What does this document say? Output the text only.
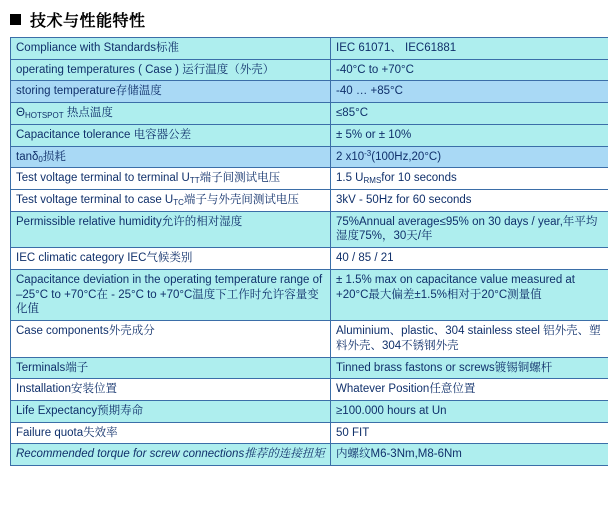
技术与性能特性
Compliance with Standards标准	IEC 61071、 IEC61881
operating temperatures ( Case ) 运行温度（外壳）	-40°C to +70°C
storing temperature存储温度	-40 … +85°C
$\Theta_{HOTSPOT}$ 热点温度	≤85°C
Capacitance tolerance 电容器公差	± 5% or ± 10%
tanδ$_0$损耗	2 $x10^{-3}(100Hz,20^\circ C)$
Test voltage terminal to terminal $U_{TT}$端子间测试电压	1.5 $U_{RMS}for$ 10 seconds
Test voltage terminal to case $U_{TC}$端子与外壳间测试电压	3kV - 50Hz for 60 seconds
Permissible relative humidity允许的相对湿度	75%Annual average≤95% on 30 days / year,年平均湿度75%，30天/年
IEC climatic category IEC气候类别	40 / 85 / 21
Capacitance deviation in the operating temperature range of –25°C to +70°C在 - 25°C to +70°C温度下工作时允许容量变化值	± 1.5% max on capacitance value measured at +20°C最大偏差±1.5%相对于20°C测量值
Case components外壳成分	Aluminium、plastic、304 stainless steel 铝外壳、塑料外壳、304不锈钢外壳
Terminals端子	Tinned brass fastons or screws镀锡铜螺杆
Installation安装位置	Whatever Position任意位置
Life Expectancy预期寿命	≥100.000 hours at Un
Failure quota失效率	50 FIT
Recommended torque for screw connections推荐的连接扭矩	内螺纹M6-3Nm,M8-6Nm
